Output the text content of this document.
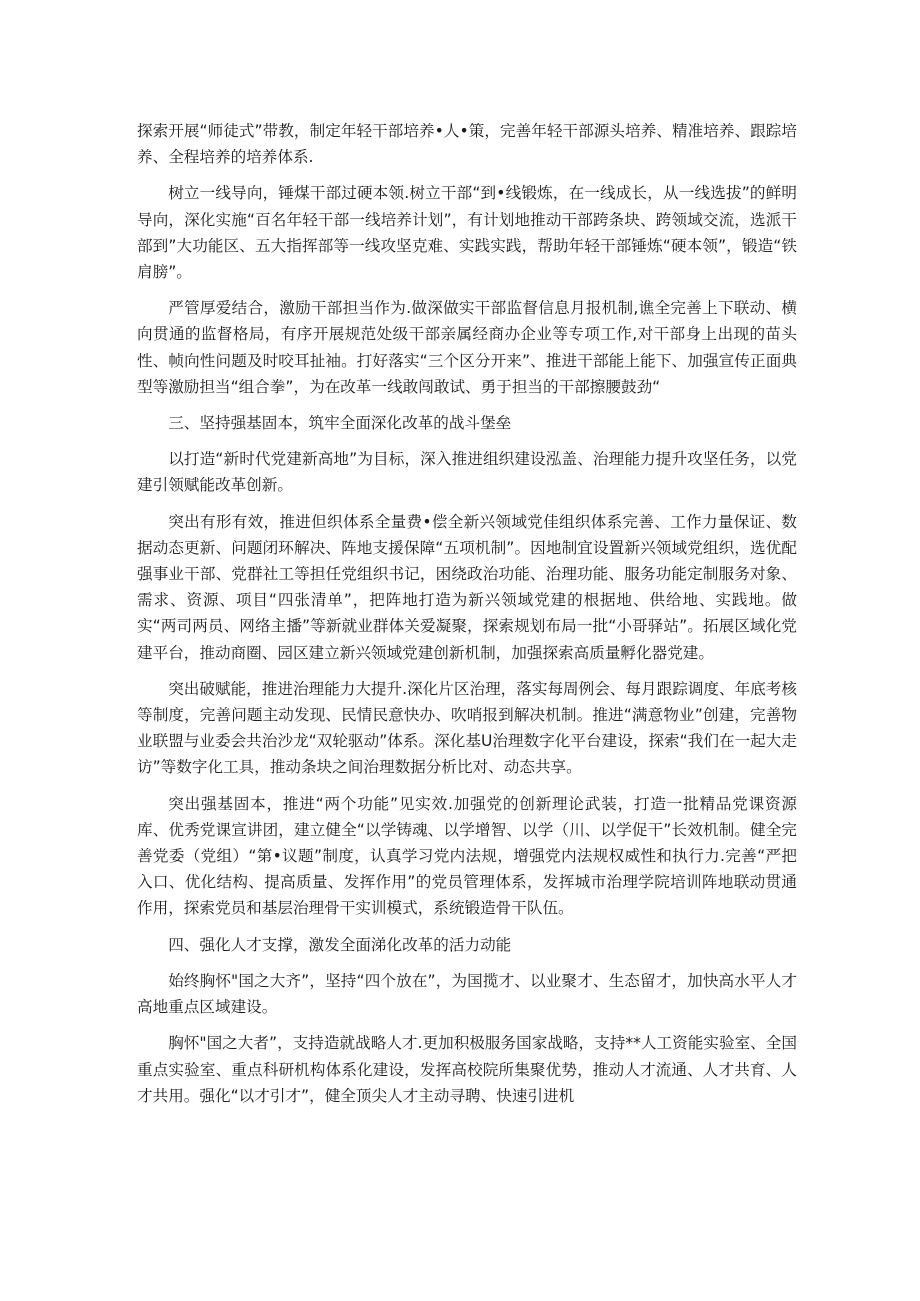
探索开展“师徒式”带教，制定年轻干部培养•人•策，完善年轻干部源头培养、精准培养、跟踪培养、全程培养的培养体系.

树立一线导向，锤煤干部过硬本领.树立干部“到•线锻炼，在一线成长，从一线选拔”的鲜明导向，深化实施“百名年轻干部一线培养计划”，有计划地推动干部跨条块、跨领域交流，选派干部到”大功能区、五大指挥部等一线攻坚克难、实践实践，帮助年轻干部锤炼“硬本领”，锻造“铁肩膀”。

严管厚爱结合，激励干部担当作为.做深做实干部监督信息月报机制,谯全完善上下联动、横向贯通的监督格局，有序开展规范处级干部亲属经商办企业等专项工作,对干部身上出现的苗头性、帧向性问题及时咬耳扯袖。打好落实“三个区分开来”、推进干部能上能下、加强宣传正面典型等激励担当“组合拳”，为在改革一线敢闯敢试、勇于担当的干部擦腰鼓劲“

三、坚持强基固本，筑牢全面深化改革的战斗堡垒

以打造“新时代党建新高地”为目标，深入推进组织建设泓盖、治理能力提升攻坚任务，以党建引领赋能改革创新。

突出有形有效，推进但织体系全量费•偿全新兴领域党佳组织体系完善、工作力量保证、数据动态更新、问题闭环解决、阵地支援保障“五项机制”。因地制宜设置新兴领域党组织，选优配强事业干部、党群社工等担任党组织书记，困绕政治功能、治理功能、服务功能定制服务对象、需求、资源、项目“四张清单”，把阵地打造为新兴领域党建的根据地、供给地、实践地。做实“两司两员、网络主播”等新就业群体关爱凝聚，探索规划布局一批“小哥驿站”。拓展区域化党建平台，推动商圈、园区建立新兴领域党建创新机制，加强探索高质量孵化器党建。

突出破赋能，推进治理能力大提升.深化片区治理，落实每周例会、每月跟踪调度、年底考核等制度，完善问题主动发现、民情民意快办、吹哨报到解决机制。推进“满意物业”创建，完善物业联盟与业委会共治沙龙“双轮驱动”体系。深化基U治理数字化平台建设，探索“我们在一起大走访”等数字化工具，推动条块之间治理数据分析比对、动态共享。

突出强基固本，推进“两个功能”见实效.加强党的创新理论武装，打造一批精品党课资源库、优秀党课宣讲团，建立健全“以学铸魂、以学增智、以学（川、以学促干”长效机制。健全完善党委（党组）“第•议题”制度，认真学习党内法规，增强党内法规权威性和执行力.完善“严把入口、优化结构、提高质量、发挥作用”的党员管理体系，发挥城市治理学院培训阵地联动贯通作用，探索党员和基层治理骨干实训模式，系统锻造骨干队伍。

四、强化人才支撑，激发全面涕化改革的活力动能

始终胸怀"国之大齐”，坚持“四个放在”，为国揽才、以业聚才、生态留才，加快高水平人才高地重点区域建设。

胸怀"国之大者”，支持造就战略人才.更加积极服务国家战略，支持**人工资能实验室、全国重点实验室、重点科研机构体系化建设，发挥高校院所集聚优势，推动人才流通、人才共育、人才共用。强化“以才引才”，健全顶尖人才主动寻聘、快速引进机
